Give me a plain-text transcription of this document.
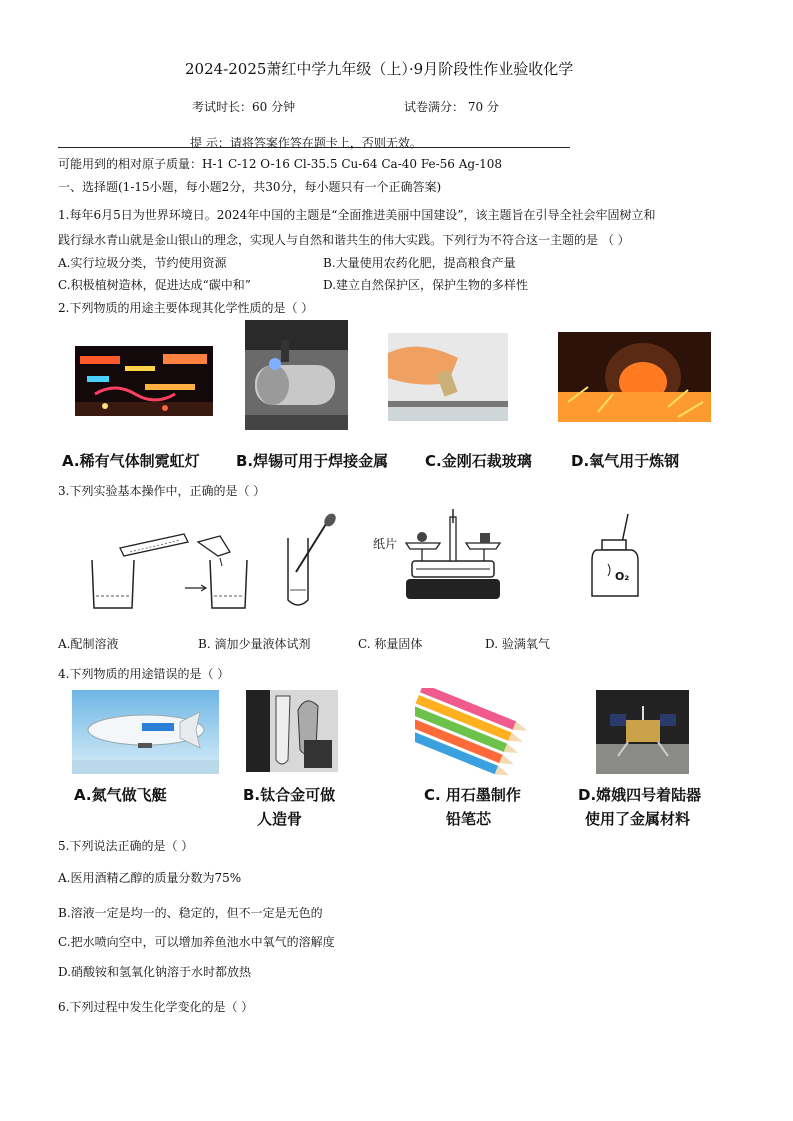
2024-2025萧红中学九年级（上）·9月阶段性作业验收化学
考试时长：60 分钟	试卷满分： 70 分
提 示：请将答案作答在题卡上，否则无效。
可能用到的相对原子质量：H-1 C-12 O-16 Cl-35.5 Cu-64 Ca-40 Fe-56 Ag-108
一、选择题(1-15小题，每小题2分，共30分，每小题只有一个正确答案)
1.每年6月5日为世界环境日。2024年中国的主题是“全面推进美丽中国建设”，该主题旨在引导全社会牢固树立和
践行绿水青山就是金山银山的理念，实现人与自然和谐共生的伟大实践。下列行为不符合这一主题的是 （ ）
A.实行垃圾分类，节约使用资源	B.大量使用农药化肥，提高粮食产量
C.积极植树造林，促进达成“碳中和”	D.建立自然保护区，保护生物的多样性
2.下列物质的用途主要体现其化学性质的是（ ）
A.稀有气体制霓虹灯 B.焊锡可用于焊接金属 C.金刚石裁玻璃	D.氧气用于炼钢
3.下列实验基本操作中，正确的是（ ）
纸片
O₂
A.配制溶液	B. 滴加少量液体试剂	C. 称量固体	D. 验满氧气
4.下列物质的用途错误的是（ ）
A.氮气做飞艇	B.钛合金可做
人造骨
C. 用石墨制作
铅笔芯
D.嫦娥四号着陆器
使用了金属材料
5.下列说法正确的是（ ）
A.医用酒精乙醇的质量分数为75%
B.溶液一定是均一的、稳定的，但不一定是无色的
C.把水喷向空中，可以增加养鱼池水中氧气的溶解度
D.硝酸铵和氢氧化钠溶于水时都放热
6.下列过程中发生化学变化的是（ ）
